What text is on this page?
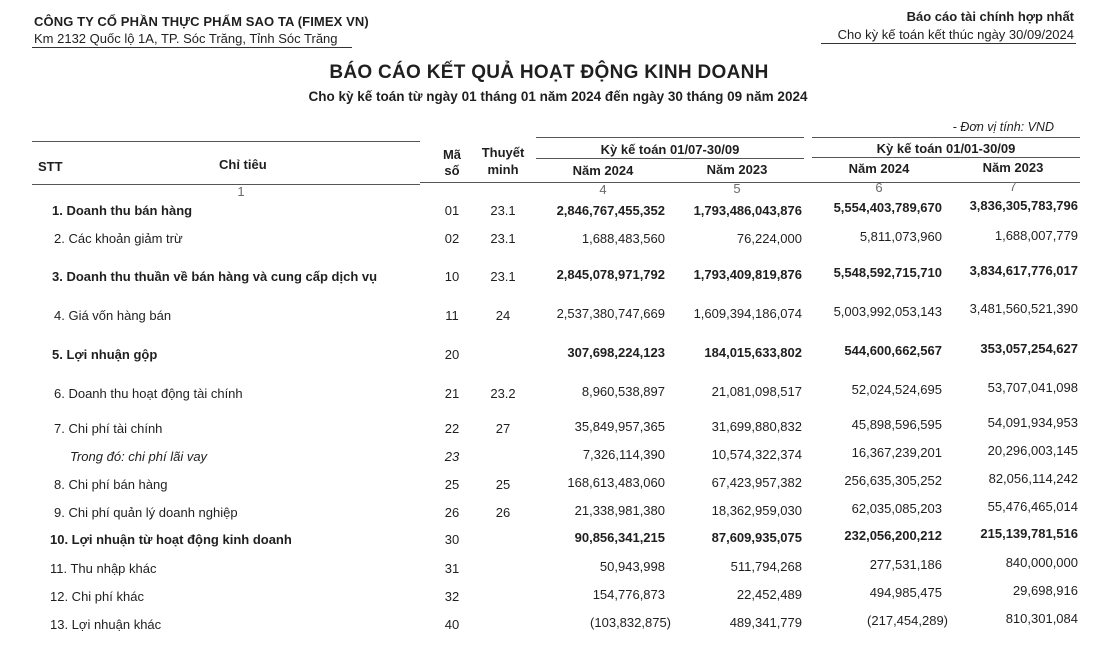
CÔNG TY CỔ PHẦN THỰC PHẨM SAO TA (FIMEX VN)
Km 2132 Quốc lộ 1A, TP. Sóc Trăng, Tỉnh Sóc Trăng
Báo cáo tài chính hợp nhất
Cho kỳ kế toán kết thúc ngày 30/09/2024
BÁO CÁO KẾT QUẢ HOẠT ĐỘNG KINH DOANH
Cho kỳ kế toán từ ngày 01 tháng 01 năm 2024 đến ngày 30 tháng 09 năm 2024
- Đơn vị tính: VND
STT	Chỉ tiêu
Mã
số
Thuyết
minh
Kỳ kế toán 01/07-30/09	Kỳ kế toán 01/01-30/09
Năm 2024	Năm 2023	Năm 2024	Năm 2023
1	4	5	6	7
1. Doanh thu bán hàng	01	23.1	2,846,767,455,352 1,793,486,043,876 5,554,403,789,670 3,836,305,783,796
2. Các khoản giảm trừ	02	23.1	1,688,483,560	76,224,000	5,811,073,960	1,688,007,779
3. Doanh thu thuần về bán hàng và cung cấp dịch vụ	10	23.1	2,845,078,971,792 1,793,409,819,876 5,548,592,715,710 3,834,617,776,017
4. Giá vốn hàng bán	11	24	2,537,380,747,669 1,609,394,186,074 5,003,992,053,143 3,481,560,521,390
5. Lợi nhuận gộp	20	307,698,224,123	184,015,633,802	544,600,662,567	353,057,254,627
6. Doanh thu hoạt động tài chính	21	23.2	8,960,538,897	21,081,098,517	52,024,524,695	53,707,041,098
7. Chi phí tài chính	22	27	35,849,957,365	31,699,880,832	45,898,596,595	54,091,934,953
Trong đó: chi phí lãi vay	23	7,326,114,390	10,574,322,374	16,367,239,201	20,296,003,145
8. Chi phí bán hàng	25	25	168,613,483,060	67,423,957,382	256,635,305,252	82,056,114,242
9. Chi phí quản lý doanh nghiệp	26	26	21,338,981,380	18,362,959,030	62,035,085,203	55,476,465,014
10. Lợi nhuận từ hoạt động kinh doanh	30	90,856,341,215	87,609,935,075	232,056,200,212	215,139,781,516
11. Thu nhập khác	31	50,943,998	511,794,268	277,531,186	840,000,000
12. Chi phí khác	32	154,776,873	22,452,489	494,985,475	29,698,916
13. Lợi nhuận khác	40	(103,832,875)	489,341,779	(217,454,289)	810,301,084
